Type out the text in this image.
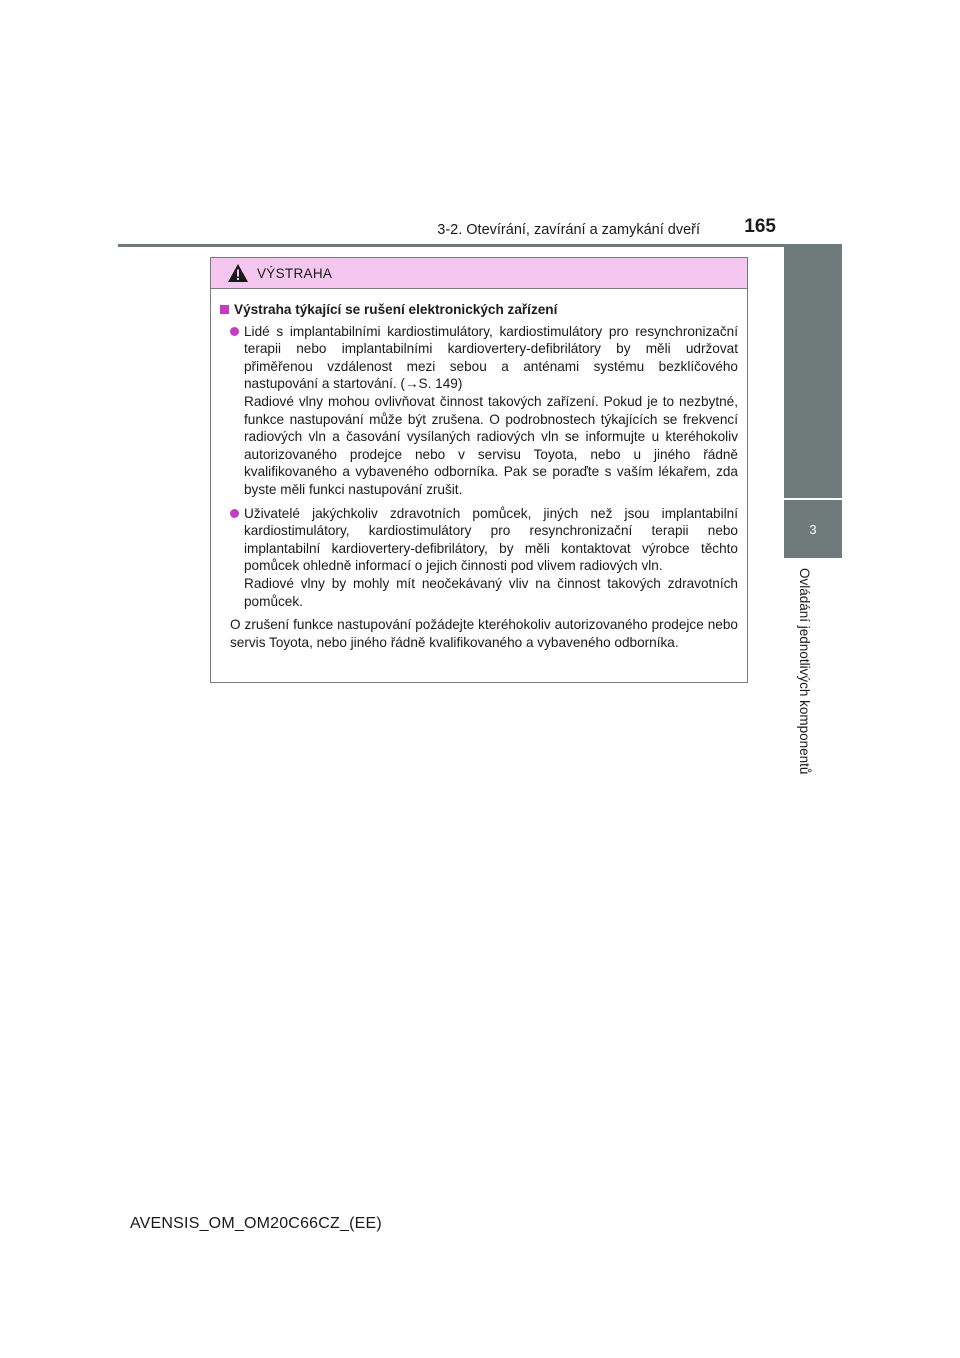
3-2. Otevírání, zavírání a zamykání dveří	165
3
Ovládání jednotlivých komponentů
VÝSTRAHA
Výstraha týkající se rušení elektronických zařízení
Lidé s implantabilními kardiostimulátory, kardiostimulátory pro resynchronizační terapii nebo implantabilními kardiovertery-defibrilátory by měli udržovat přiměřenou vzdálenost mezi sebou a anténami systému bezklíčového nastupování a startování. (→S. 149)
Radiové vlny mohou ovlivňovat činnost takových zařízení. Pokud je to nezbytné, funkce nastupování může být zrušena. O podrobnostech týkajících se frekvencí radiových vln a časování vysílaných radiových vln se informujte u kteréhokoliv autorizovaného prodejce nebo v servisu Toyota, nebo u jiného řádně kvalifikovaného a vybaveného odborníka. Pak se poraďte s vaším lékařem, zda byste měli funkci nastupování zrušit.
Uživatelé jakýchkoliv zdravotních pomůcek, jiných než jsou implantabilní kardiostimulátory, kardiostimulátory pro resynchronizační terapii nebo implantabilní kardiovertery-defibrilátory, by měli kontaktovat výrobce těchto pomůcek ohledně informací o jejich činnosti pod vlivem radiových vln.
Radiové vlny by mohly mít neočekávaný vliv na činnost takových zdravotních pomůcek.
O zrušení funkce nastupování požádejte kteréhokoliv autorizovaného prodejce nebo servis Toyota, nebo jiného řádně kvalifikovaného a vybaveného odborníka.
AVENSIS_OM_OM20C66CZ_(EE)
